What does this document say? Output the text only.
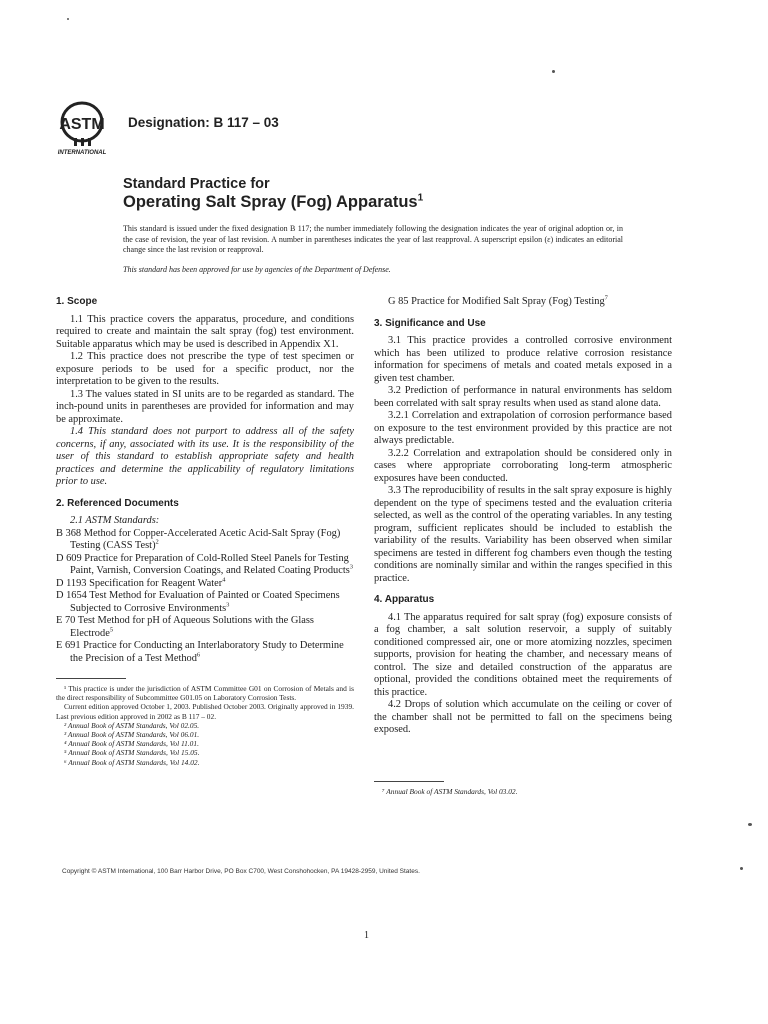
ASTM
INTERNATIONAL
Designation: B 117 – 03
Standard Practice for
Operating Salt Spray (Fog) Apparatus$^1$
This standard is issued under the fixed designation B 117; the number immediately following the designation indicates the year of original adoption or, in the case of revision, the year of last revision. A number in parentheses indicates the year of last reapproval. A superscript epsilon (ε) indicates an editorial change since the last revision or reapproval.
This standard has been approved for use by agencies of the Department of Defense.
1. Scope

1.1 This practice covers the apparatus, procedure, and conditions required to create and maintain the salt spray (fog) test environment. Suitable apparatus which may be used is described in Appendix X1.

1.2 This practice does not prescribe the type of test specimen or exposure periods to be used for a specific product, nor the interpretation to be given to the results.

1.3 The values stated in SI units are to be regarded as standard. The inch-pound units in parentheses are provided for information and may be approximate.

1.4 This standard does not purport to address all of the safety concerns, if any, associated with its use. It is the responsibility of the user of this standard to establish appropriate safety and health practices and determine the applicability of regulatory limitations prior to use.

2. Referenced Documents

2.1 ASTM Standards:

B 368 Method for Copper-Accelerated Acetic Acid-Salt Spray (Fog) Testing (CASS Test)$^2$

D 609 Practice for Preparation of Cold-Rolled Steel Panels for Testing Paint, Varnish, Conversion Coatings, and Related Coating Products$^3$

D 1193 Specification for Reagent Water$^4$

D 1654 Test Method for Evaluation of Painted or Coated Specimens Subjected to Corrosive Environments$^3$

E 70 Test Method for pH of Aqueous Solutions with the Glass Electrode$^5$

E 691 Practice for Conducting an Interlaboratory Study to Determine the Precision of a Test Method$^6$

¹ This practice is under the jurisdiction of ASTM Committee G01 on Corrosion of Metals and is the direct responsibility of Subcommittee G01.05 on Laboratory Corrosion Tests.

Current edition approved October 1, 2003. Published October 2003. Originally approved in 1939. Last previous edition approved in 2002 as B 117 – 02.

² Annual Book of ASTM Standards, Vol 02.05.

³ Annual Book of ASTM Standards, Vol 06.01.

⁴ Annual Book of ASTM Standards, Vol 11.01.

⁵ Annual Book of ASTM Standards, Vol 15.05.

⁶ Annual Book of ASTM Standards, Vol 14.02.

G 85 Practice for Modified Salt Spray (Fog) Testing$^7$

3. Significance and Use

3.1 This practice provides a controlled corrosive environment which has been utilized to produce relative corrosion resistance information for specimens of metals and coated metals exposed in a given test chamber.

3.2 Prediction of performance in natural environments has seldom been correlated with salt spray results when used as stand alone data.

3.2.1 Correlation and extrapolation of corrosion performance based on exposure to the test environment provided by this practice are not always predictable.

3.2.2 Correlation and extrapolation should be considered only in cases where appropriate corroborating long-term atmospheric exposures have been conducted.

3.3 The reproducibility of results in the salt spray exposure is highly dependent on the type of specimens tested and the evaluation criteria selected, as well as the control of the operating variables. In any testing program, sufficient replicates should be included to establish the variability of the results. Variability has been observed when similar specimens are tested in different fog chambers even though the testing conditions are nominally similar and within the ranges specified in this practice.

4. Apparatus

4.1 The apparatus required for salt spray (fog) exposure consists of a fog chamber, a salt solution reservoir, a supply of suitably conditioned compressed air, one or more atomizing nozzles, specimen supports, provision for heating the chamber, and necessary means of control. The size and detailed construction of the apparatus are optional, provided the conditions obtained meet the requirements of this practice.

4.2 Drops of solution which accumulate on the ceiling or cover of the chamber shall not be permitted to fall on the specimens being exposed.

⁷ Annual Book of ASTM Standards, Vol 03.02.

Copyright © ASTM International, 100 Barr Harbor Drive, PO Box C700, West Conshohocken, PA 19428-2959, United States.
1
